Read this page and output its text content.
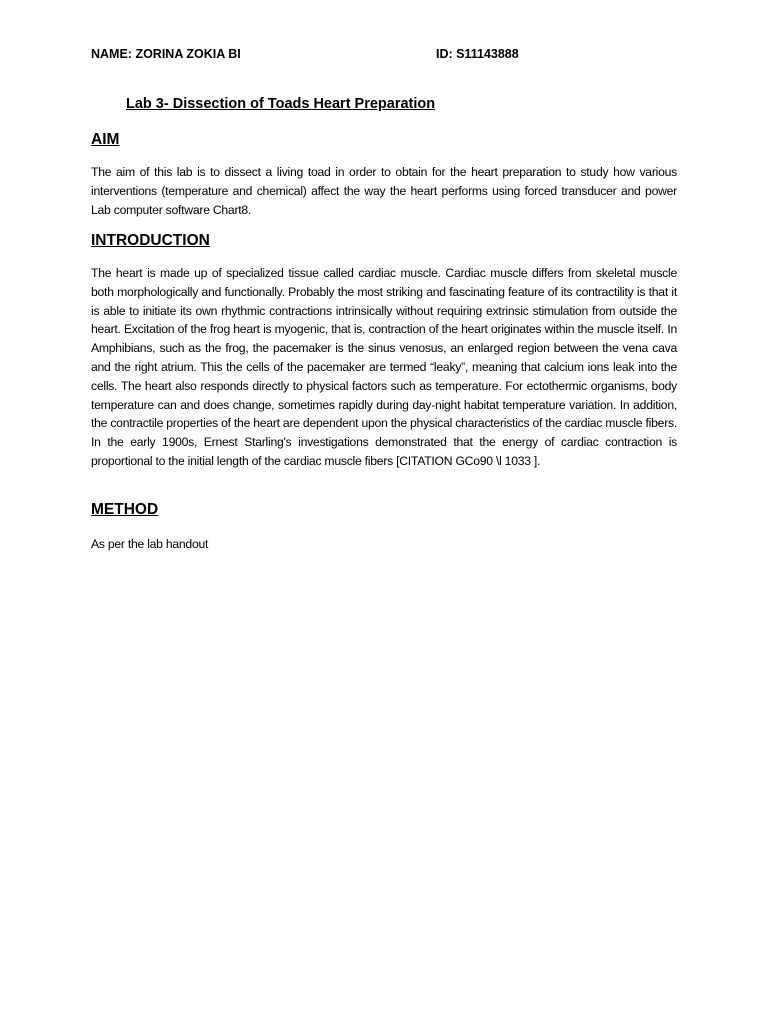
NAME: ZORINA ZOKIA BI	ID: S11143888
Lab 3- Dissection of Toads Heart Preparation
AIM

The aim of this lab is to dissect a living toad in order to obtain for the heart preparation to study how various interventions (temperature and chemical) affect the way the heart performs using forced transducer and power Lab computer software Chart8.

INTRODUCTION

The heart is made up of specialized tissue called cardiac muscle. Cardiac muscle differs from skeletal muscle both morphologically and functionally. Probably the most striking and fascinating feature of its contractility is that it is able to initiate its own rhythmic contractions intrinsically without requiring extrinsic stimulation from outside the heart. Excitation of the frog heart is myogenic, that is, contraction of the heart originates within the muscle itself. In Amphibians, such as the frog, the pacemaker is the sinus venosus, an enlarged region between the vena cava and the right atrium. This the cells of the pacemaker are termed “leaky”, meaning that calcium ions leak into the cells. The heart also responds directly to physical factors such as temperature. For ectothermic organisms, body temperature can and does change, sometimes rapidly during day-night habitat temperature variation. In addition, the contractile properties of the heart are dependent upon the physical characteristics of the cardiac muscle fibers. In the early 1900s, Ernest Starling's investigations demonstrated that the energy of cardiac contraction is proportional to the initial length of the cardiac muscle fibers [CITATION GCo90 \l 1033 ].

METHOD

As per the lab handout
